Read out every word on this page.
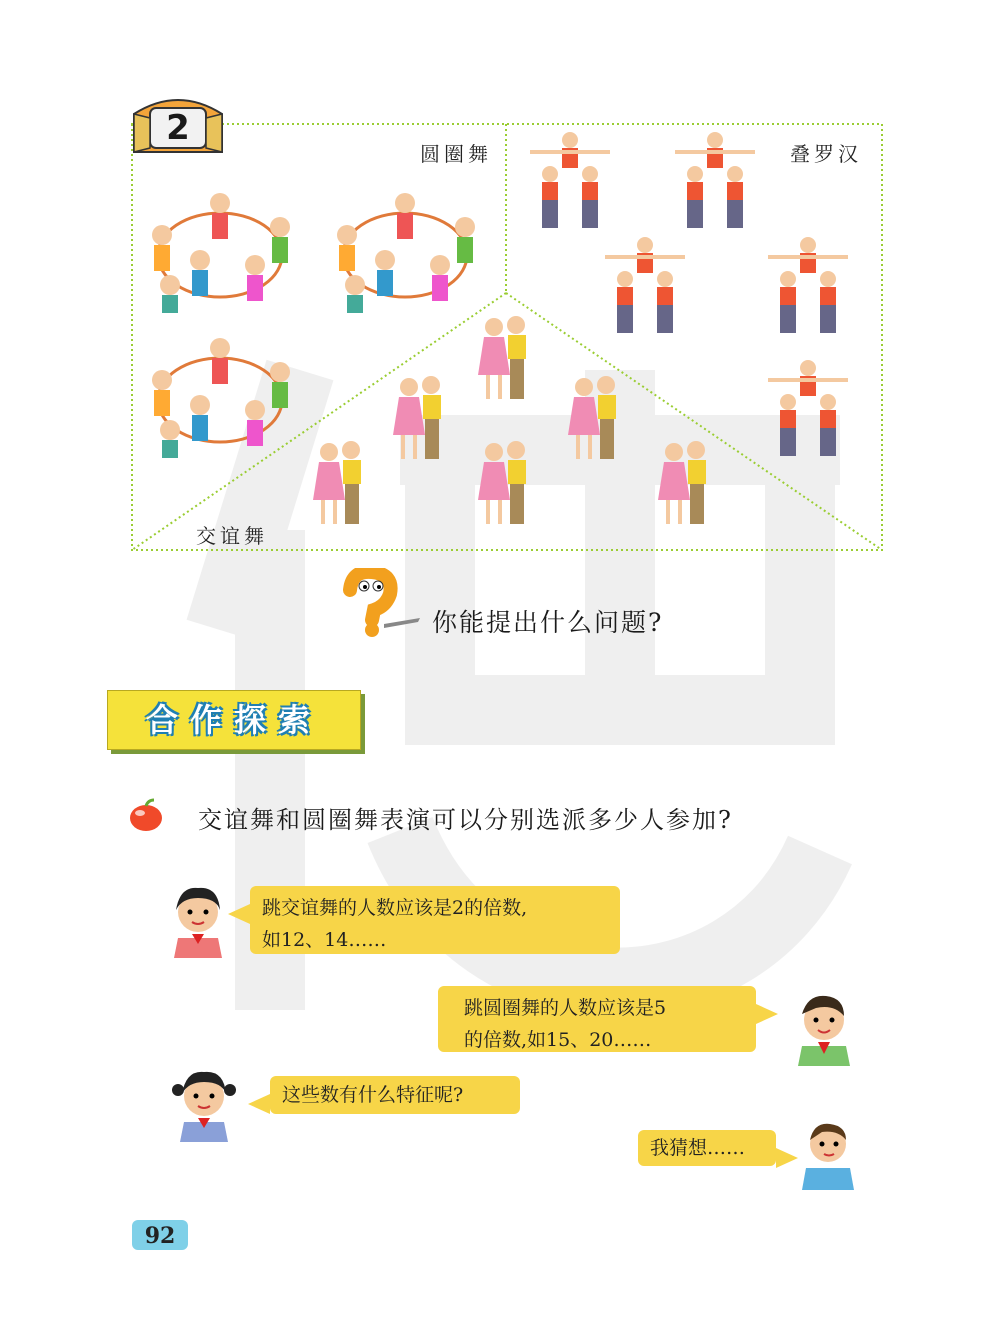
2
圆圈舞	叠罗汉
交谊舞
你能提出什么问题?
合作探索
交谊舞和圆圈舞表演可以分别选派多少人参加?
跳交谊舞的人数应该是2的倍数,
如12、14……
跳圆圈舞的人数应该是5
的倍数,如15、20……
这些数有什么特征呢?
我猜想……
92
